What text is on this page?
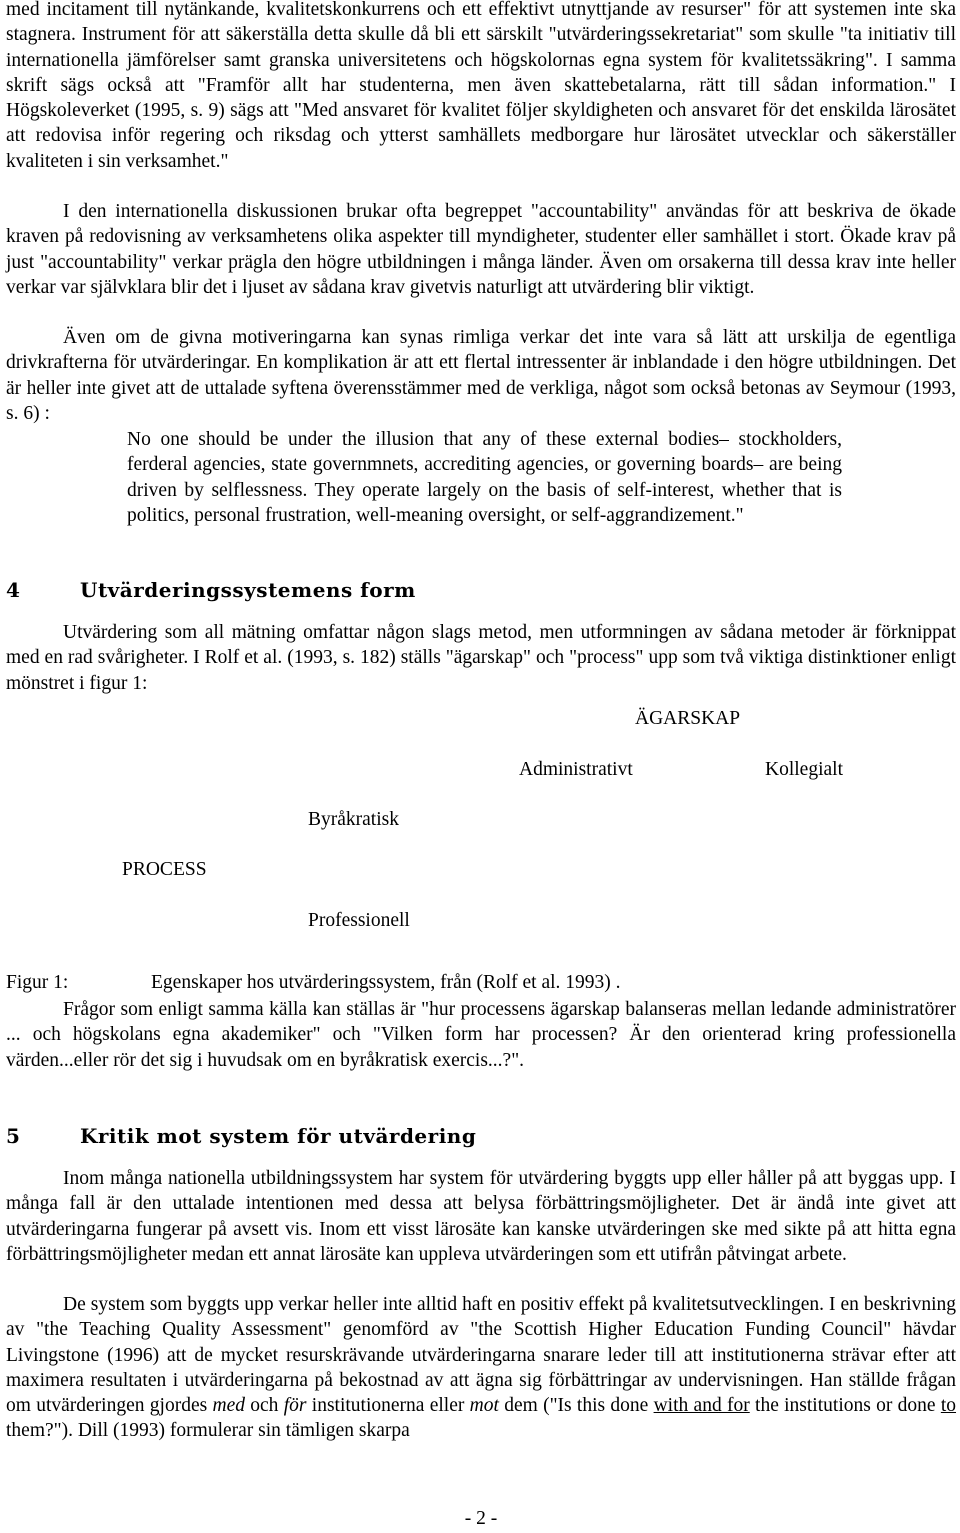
med incitament till nytänkande, kvalitetskonkurrens och ett effektivt utnyttjande av resurser" för att systemen inte ska stagnera. Instrument för att säkerställa detta skulle då bli ett särskilt "utvärderingssekretariat" som skulle "ta initiativ till internationella jämförelser samt granska universitetens och högskolornas egna system för kvalitetssäkring". I samma skrift sägs också att "Framför allt har studenterna, men även skattebetalarna, rätt till sådan information." I Högskoleverket (1995, s. 9) sägs att "Med ansvaret för kvalitet följer skyldigheten och ansvaret för det enskilda lärosätet att redovisa inför regering och riksdag och ytterst samhällets medborgare hur lärosätet utvecklar och säkerställer kvaliteten i sin verksamhet."

I den internationella diskussionen brukar ofta begreppet "accountability" användas för att beskriva de ökade kraven på redovisning av verksamhetens olika aspekter till myndigheter, studenter eller samhället i stort. Ökade krav på just "accountability" verkar prägla den högre utbildningen i många länder. Även om orsakerna till dessa krav inte heller verkar var självklara blir det i ljuset av sådana krav givetvis naturligt att utvärdering blir viktigt.

Även om de givna motiveringarna kan synas rimliga verkar det inte vara så lätt att urskilja de egentliga drivkrafterna för utvärderingar. En komplikation är att ett flertal intressenter är inblandade i den högre utbildningen. Det är heller inte givet att de uttalade syftena överensstämmer med de verkliga, något som också betonas av Seymour (1993, s. 6) :

No one should be under the illusion that any of these external bodies– stockholders, ferderal agencies, state governmnets, accrediting agencies, or governing boards– are being driven by selflessness. They operate largely on the basis of self-interest, whether that is politics, personal frustration, well-meaning oversight, or self-aggrandizement."

4	Utvärderingssystemens form

Utvärdering som all mätning omfattar någon slags metod, men utformningen av sådana metoder är förknippat med en rad svårigheter. I Rolf et al. (1993, s. 182) ställs "ägarskap" och "process" upp som två viktiga distinktioner enligt mönstret i figur 1:

ÄGARSKAP
Administrativt	Kollegialt
Byråkratisk
PROCESS
Professionell
Figur 1:	Egenskaper hos utvärderingssystem, från (Rolf et al. 1993) .

Frågor som enligt samma källa kan ställas är "hur processens ägarskap balanseras mellan ledande administratörer ... och högskolans egna akademiker" och "Vilken form har processen? Är den orienterad kring professionella värden...eller rör det sig i huvudsak om en byråkratisk exercis...?".

5	Kritik mot system för utvärdering

Inom många nationella utbildningssystem har system för utvärdering byggts upp eller håller på att byggas upp. I många fall är den uttalade intentionen med dessa att belysa förbättringsmöjligheter. Det är ändå inte givet att utvärderingarna fungerar på avsett vis. Inom ett visst lärosäte kan kanske utvärderingen ske med sikte på att hitta egna förbättringsmöjligheter medan ett annat lärosäte kan uppleva utvärderingen som ett utifrån påtvingat arbete.

De system som byggts upp verkar heller inte alltid haft en positiv effekt på kvalitetsutvecklingen. I en beskrivning av "the Teaching Quality Assessment" genomförd av "the Scottish Higher Education Funding Council" hävdar Livingstone (1996) att de mycket resurskrävande utvärderingarna snarare leder till att institutionerna strävar efter att maximera resultaten i utvärderingarna på bekostnad av att ägna sig förbättringar av undervisningen. Han ställde frågan om utvärderingen gjordes med och för institutionerna eller mot dem ("Is this done with and for the institutions or done to them?"). Dill (1993) formulerar sin tämligen skarpa

- 2 -
